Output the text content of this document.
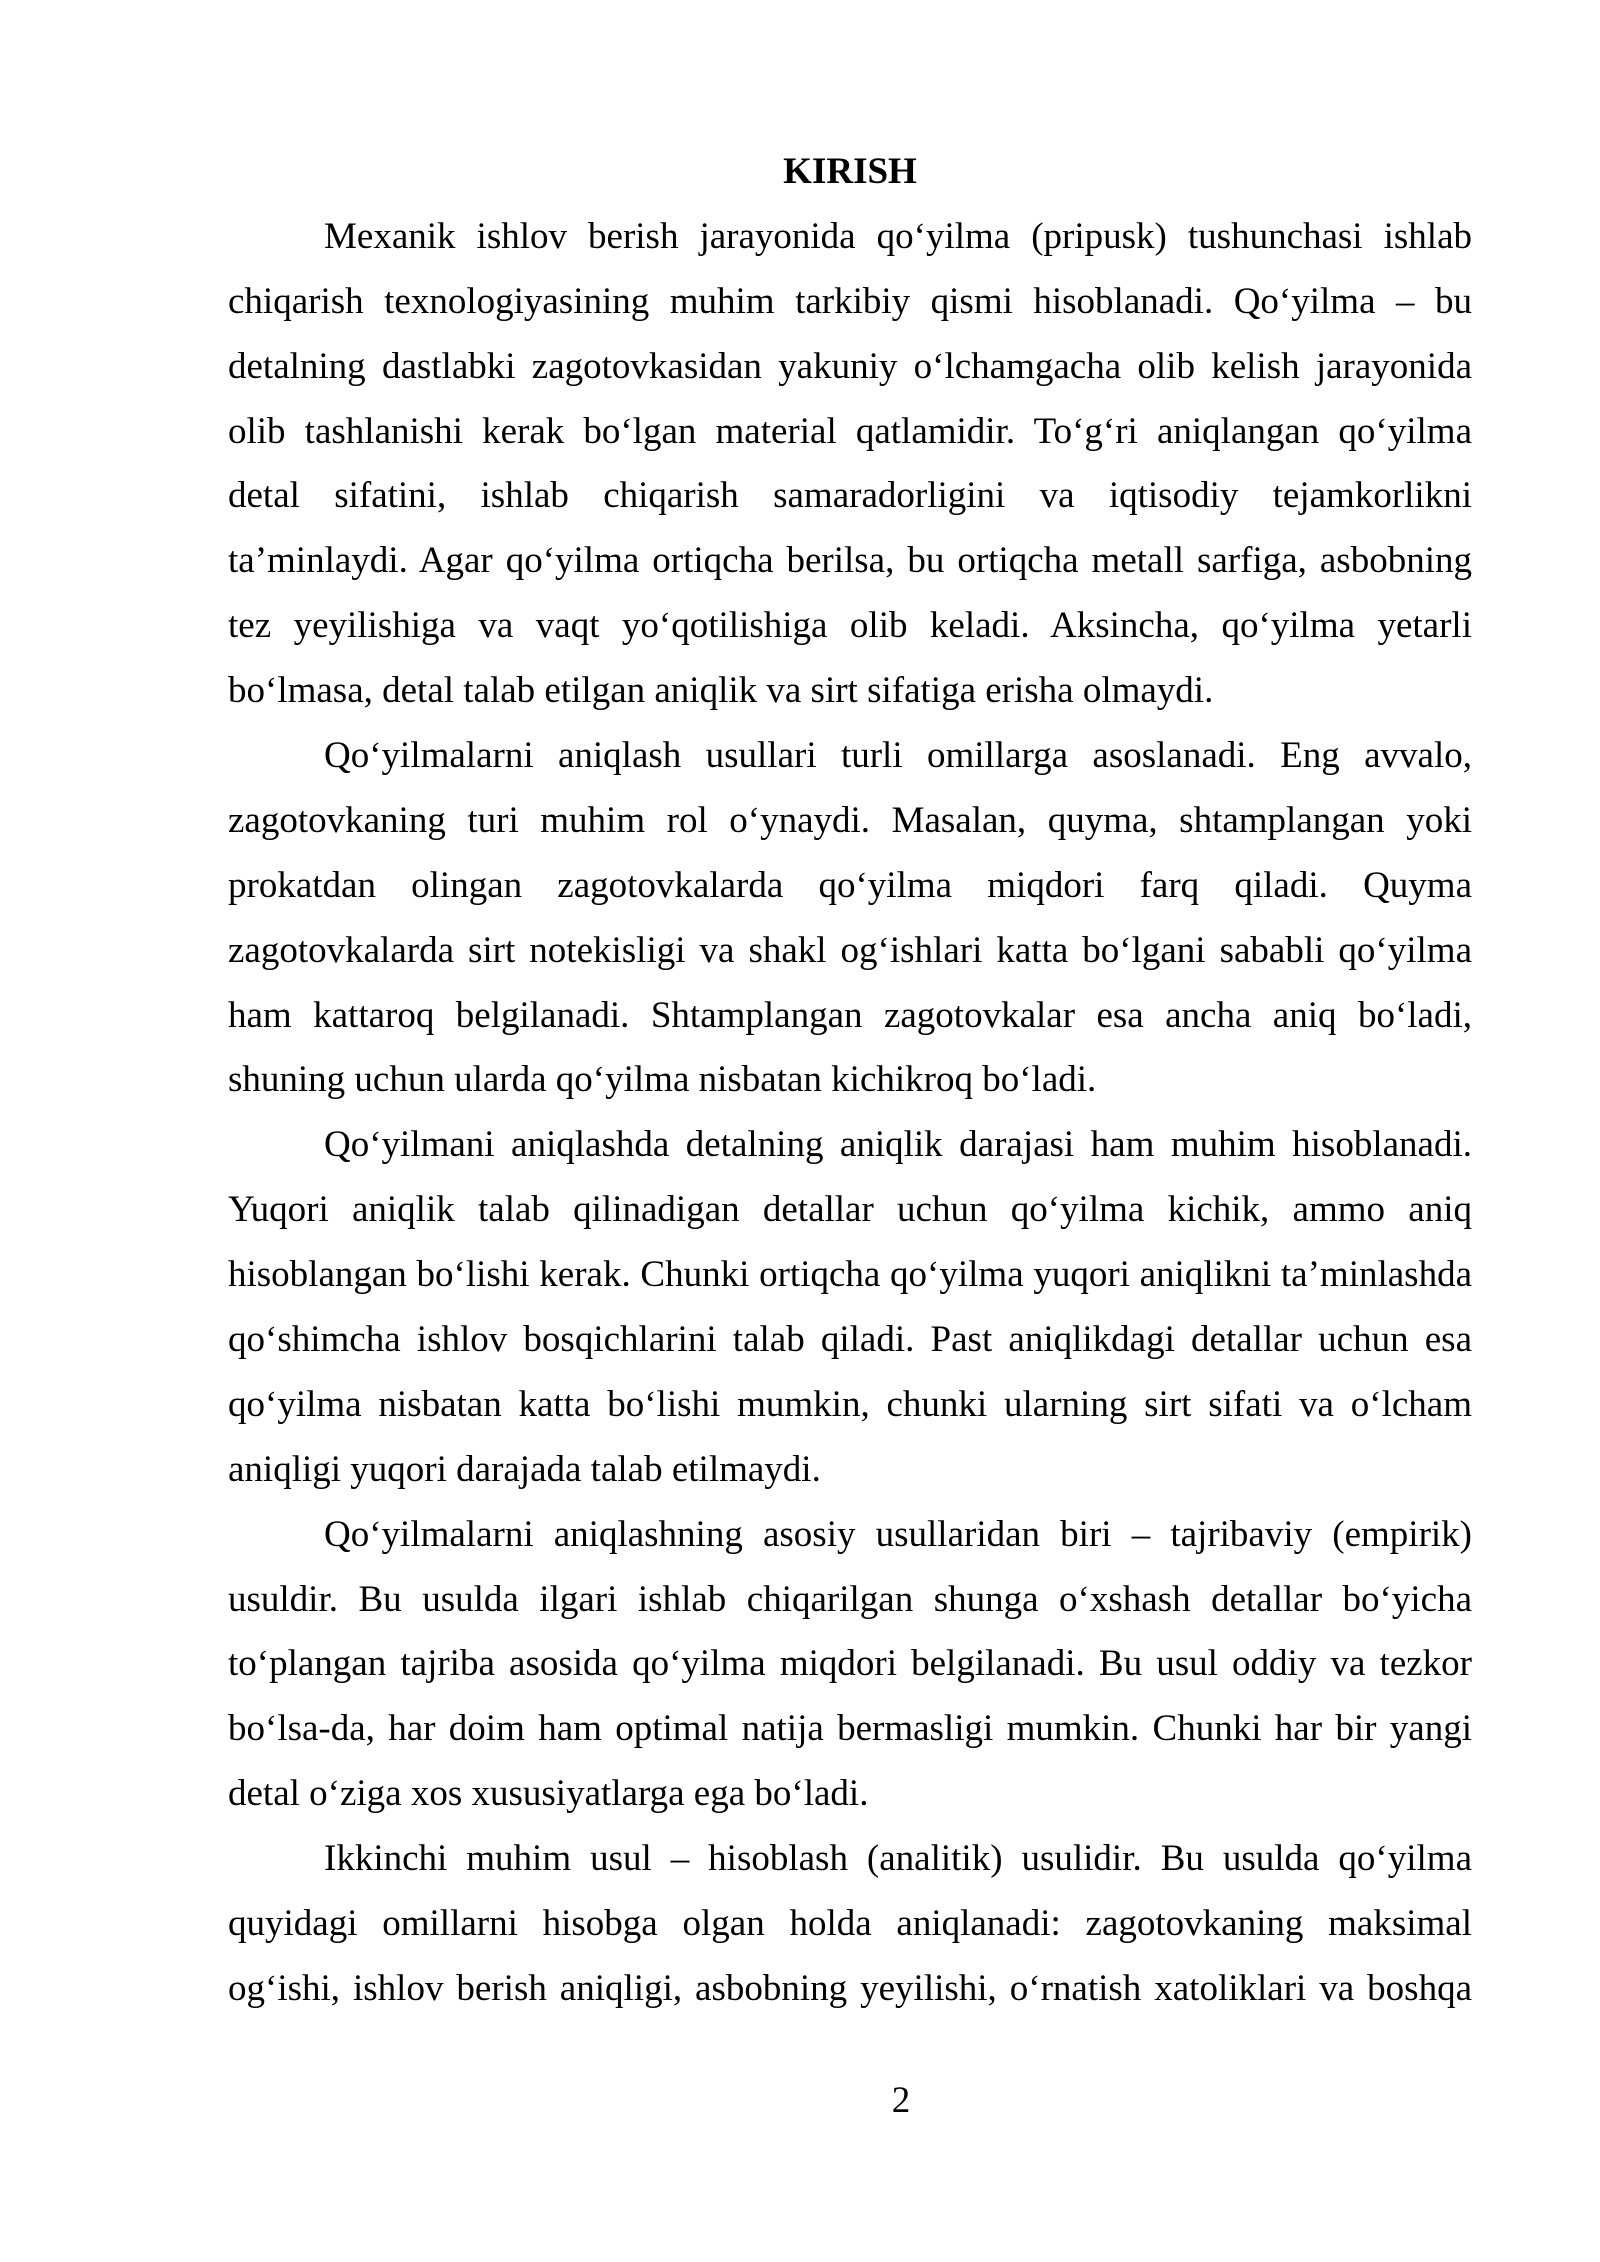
KIRISH
Mexanik ishlov berish jarayonida qo‘yilma (pripusk) tushunchasi ishlab
chiqarish texnologiyasining muhim tarkibiy qismi hisoblanadi. Qo‘yilma – bu
detalning dastlabki zagotovkasidan yakuniy o‘lchamgacha olib kelish jarayonida
olib tashlanishi kerak bo‘lgan material qatlamidir. To‘g‘ri aniqlangan qo‘yilma
detal sifatini, ishlab chiqarish samaradorligini va iqtisodiy tejamkorlikni
ta’minlaydi. Agar qo‘yilma ortiqcha berilsa, bu ortiqcha metall sarfiga, asbobning
tez yeyilishiga va vaqt yo‘qotilishiga olib keladi. Aksincha, qo‘yilma yetarli
bo‘lmasa, detal talab etilgan aniqlik va sirt sifatiga erisha olmaydi.
Qo‘yilmalarni aniqlash usullari turli omillarga asoslanadi. Eng avvalo,
zagotovkaning turi muhim rol o‘ynaydi. Masalan, quyma, shtamplangan yoki
prokatdan olingan zagotovkalarda qo‘yilma miqdori farq qiladi. Quyma
zagotovkalarda sirt notekisligi va shakl og‘ishlari katta bo‘lgani sababli qo‘yilma
ham kattaroq belgilanadi. Shtamplangan zagotovkalar esa ancha aniq bo‘ladi,
shuning uchun ularda qo‘yilma nisbatan kichikroq bo‘ladi.
Qo‘yilmani aniqlashda detalning aniqlik darajasi ham muhim hisoblanadi.
Yuqori aniqlik talab qilinadigan detallar uchun qo‘yilma kichik, ammo aniq
hisoblangan bo‘lishi kerak. Chunki ortiqcha qo‘yilma yuqori aniqlikni ta’minlashda
qo‘shimcha ishlov bosqichlarini talab qiladi. Past aniqlikdagi detallar uchun esa
qo‘yilma nisbatan katta bo‘lishi mumkin, chunki ularning sirt sifati va o‘lcham
aniqligi yuqori darajada talab etilmaydi.
Qo‘yilmalarni aniqlashning asosiy usullaridan biri – tajribaviy (empirik)
usuldir. Bu usulda ilgari ishlab chiqarilgan shunga o‘xshash detallar bo‘yicha
to‘plangan tajriba asosida qo‘yilma miqdori belgilanadi. Bu usul oddiy va tezkor
bo‘lsa-da, har doim ham optimal natija bermasligi mumkin. Chunki har bir yangi
detal o‘ziga xos xususiyatlarga ega bo‘ladi.
Ikkinchi muhim usul – hisoblash (analitik) usulidir. Bu usulda qo‘yilma
quyidagi omillarni hisobga olgan holda aniqlanadi: zagotovkaning maksimal
og‘ishi, ishlov berish aniqligi, asbobning yeyilishi, o‘rnatish xatoliklari va boshqa
2
